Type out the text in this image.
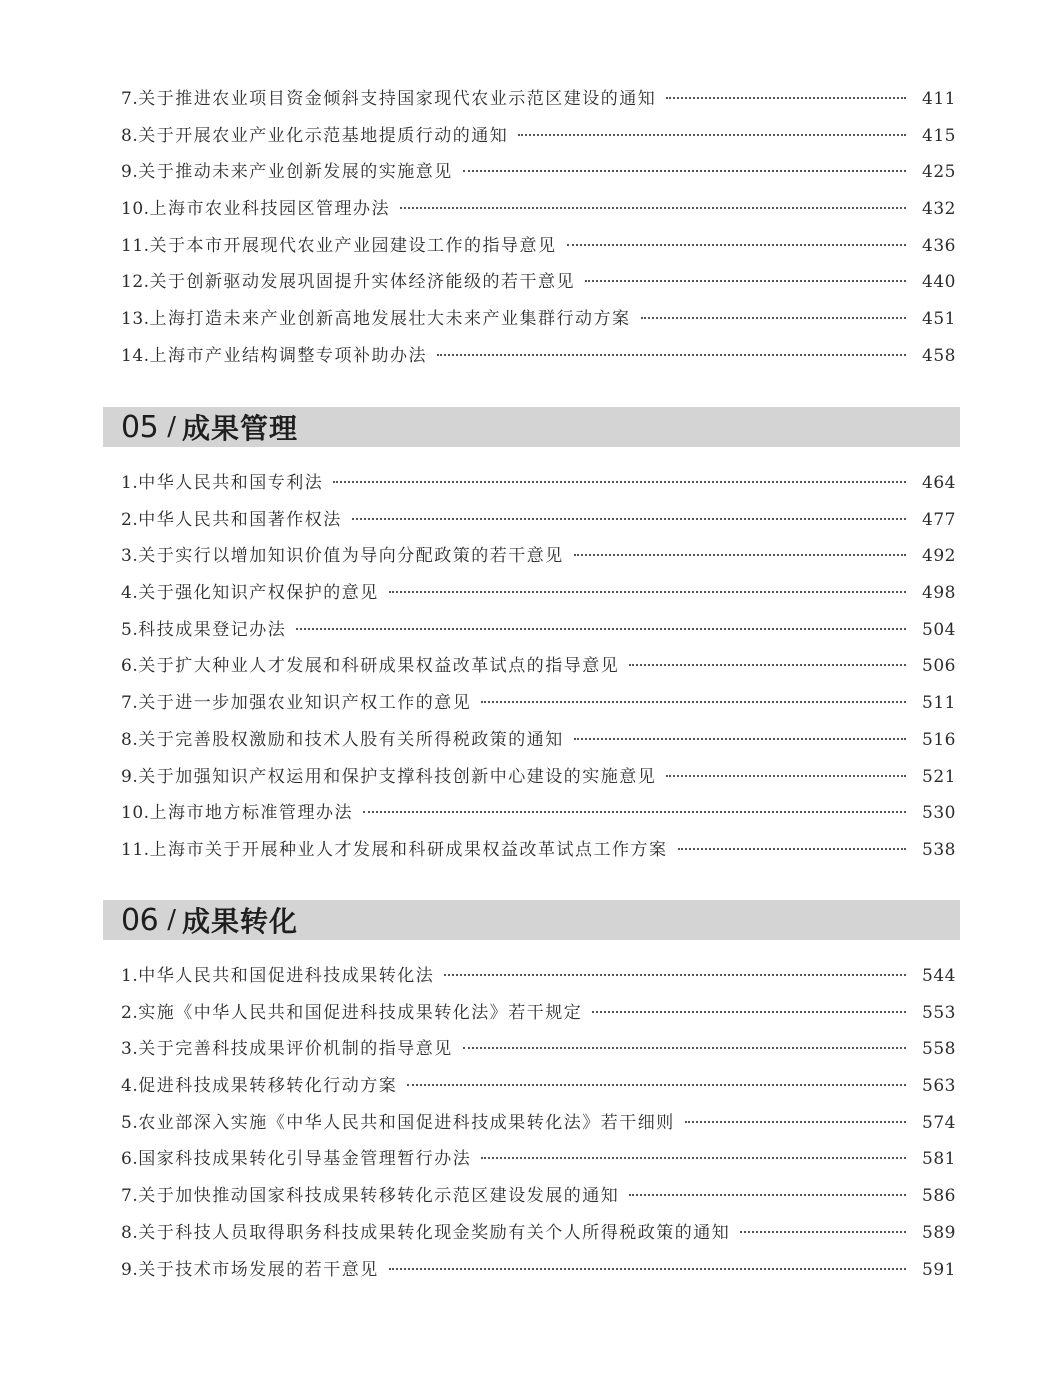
7. 关于推进农业项目资金倾斜支持国家现代农业示范区建设的通知	411
8. 关于开展农业产业化示范基地提质行动的通知	415
9. 关于推动未来产业创新发展的实施意见	425
10. 上海市农业科技园区管理办法	432
11. 关于本市开展现代农业产业园建设工作的指导意见	436
12. 关于创新驱动发展巩固提升实体经济能级的若干意见	440
13. 上海打造未来产业创新高地发展壮大未来产业集群行动方案	451
14. 上海市产业结构调整专项补助办法	458
05 / 成果管理
1. 中华人民共和国专利法	464
2. 中华人民共和国著作权法	477
3. 关于实行以增加知识价值为导向分配政策的若干意见	492
4. 关于强化知识产权保护的意见	498
5. 科技成果登记办法	504
6. 关于扩大种业人才发展和科研成果权益改革试点的指导意见	506
7. 关于进一步加强农业知识产权工作的意见	511
8. 关于完善股权激励和技术人股有关所得税政策的通知	516
9. 关于加强知识产权运用和保护支撑科技创新中心建设的实施意见	521
10. 上海市地方标准管理办法	530
11. 上海市关于开展种业人才发展和科研成果权益改革试点工作方案	538
06 / 成果转化
1. 中华人民共和国促进科技成果转化法	544
2. 实施《中华人民共和国促进科技成果转化法》若干规定	553
3. 关于完善科技成果评价机制的指导意见	558
4. 促进科技成果转移转化行动方案	563
5. 农业部深入实施《中华人民共和国促进科技成果转化法》若干细则	574
6. 国家科技成果转化引导基金管理暂行办法	581
7. 关于加快推动国家科技成果转移转化示范区建设发展的通知	586
8. 关于科技人员取得职务科技成果转化现金奖励有关个人所得税政策的通知	589
9. 关于技术市场发展的若干意见	591
